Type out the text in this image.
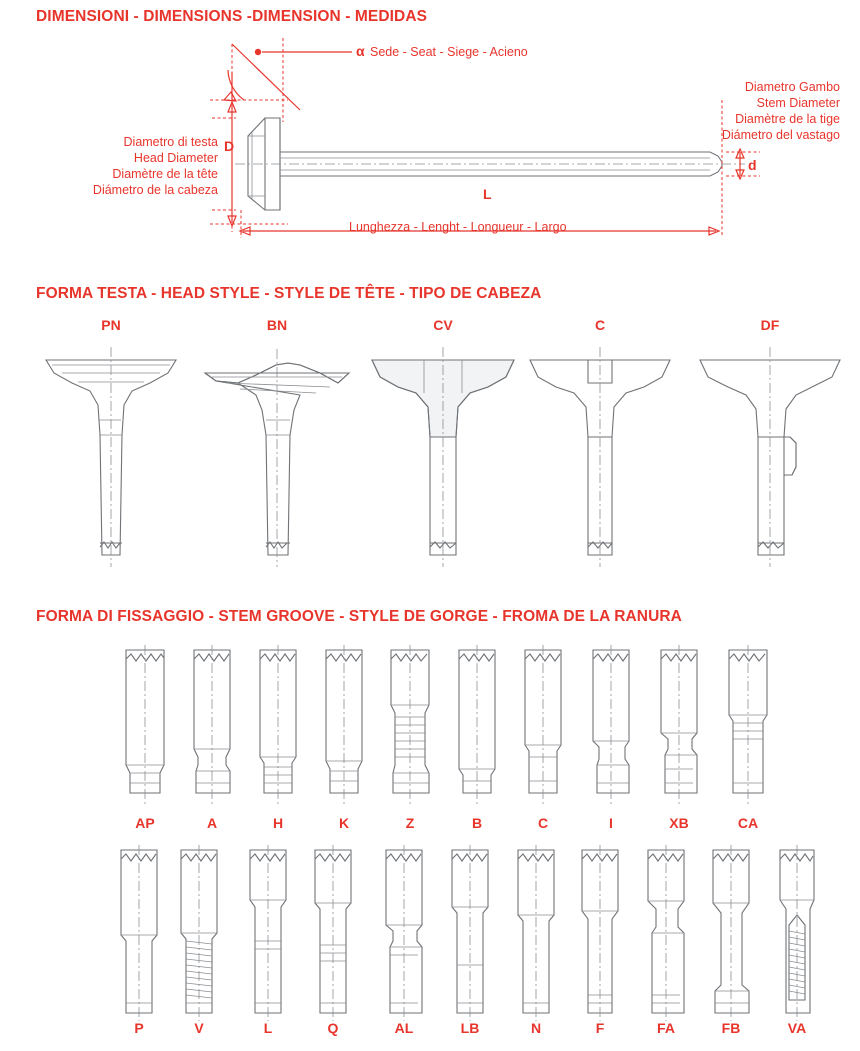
DIMENSIONI - DIMENSIONS -DIMENSION - MEDIDAS
α Sede - Seat - Siege - Acieno
Diametro Gambo
Stem Diameter
Diamètre de la tige
Diámetro del vastago
Diametro di testa
Head Diameter
Diamètre de la tête
Diámetro de la cabeza
D
d
L
Lunghezza - Lenght - Longueur - Largo
FORMA TESTA - HEAD STYLE - STYLE DE TÊTE - TIPO DE CABEZA
PN	BN	CV	C	DF
FORMA DI FISSAGGIO - STEM GROOVE - STYLE DE GORGE - FROMA DE LA RANURA
AP	A	H	K	Z	B	C	I	XB	CA
P	V	L	Q	AL	LB	N	F	FA	FB	VA
